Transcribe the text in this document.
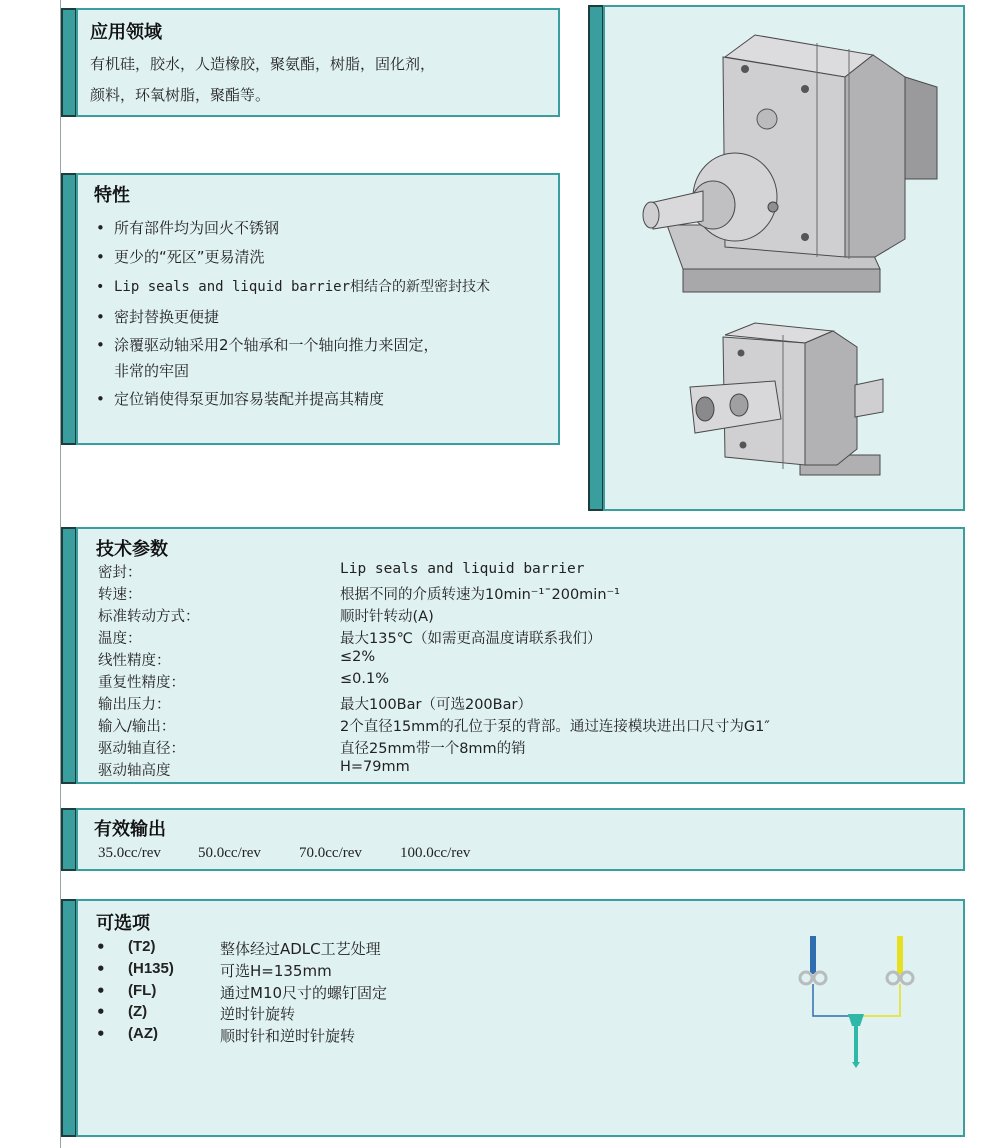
应用领域
有机硅，胶水，人造橡胶，聚氨酯，树脂，固化剂，
颜料，环氧树脂，聚酯等。
特性
• 所有部件均为回火不锈钢
• 更少的“死区”更易清洗
• Lip seals and liquid barrier相结合的新型密封技术
• 密封替换更便捷
• 涂覆驱动轴采用2个轴承和一个轴向推力来固定，
非常的牢固
• 定位销使得泵更加容易装配并提高其精度
技术参数
密封：	Lip seals and liquid barrier
转速：	根据不同的介质转速为10min⁻¹ˉ200min⁻¹
标准转动方式：	顺时针转动(A)
温度：	最大135℃（如需更高温度请联系我们）
线性精度：	≤2%
重复性精度：	≤0.1%
输出压力：	最大100Bar（可选200Bar）
输入/输出：	2个直径15mm的孔位于泵的背部。通过连接模块进出口尺寸为G1″
驱动轴直径：	直径25mm带一个8mm的销
驱动轴高度	H=79mm
有效输出
35.0cc/rev 50.0cc/rev	70.0cc/rev	100.0cc/rev
可选项
• (T2)	整体经过ADLC工艺处理
• (H135)	可选H=135mm
• (FL)	通过M10尺寸的螺钉固定
• (Z)	逆时针旋转
• (AZ)	顺时针和逆时针旋转
